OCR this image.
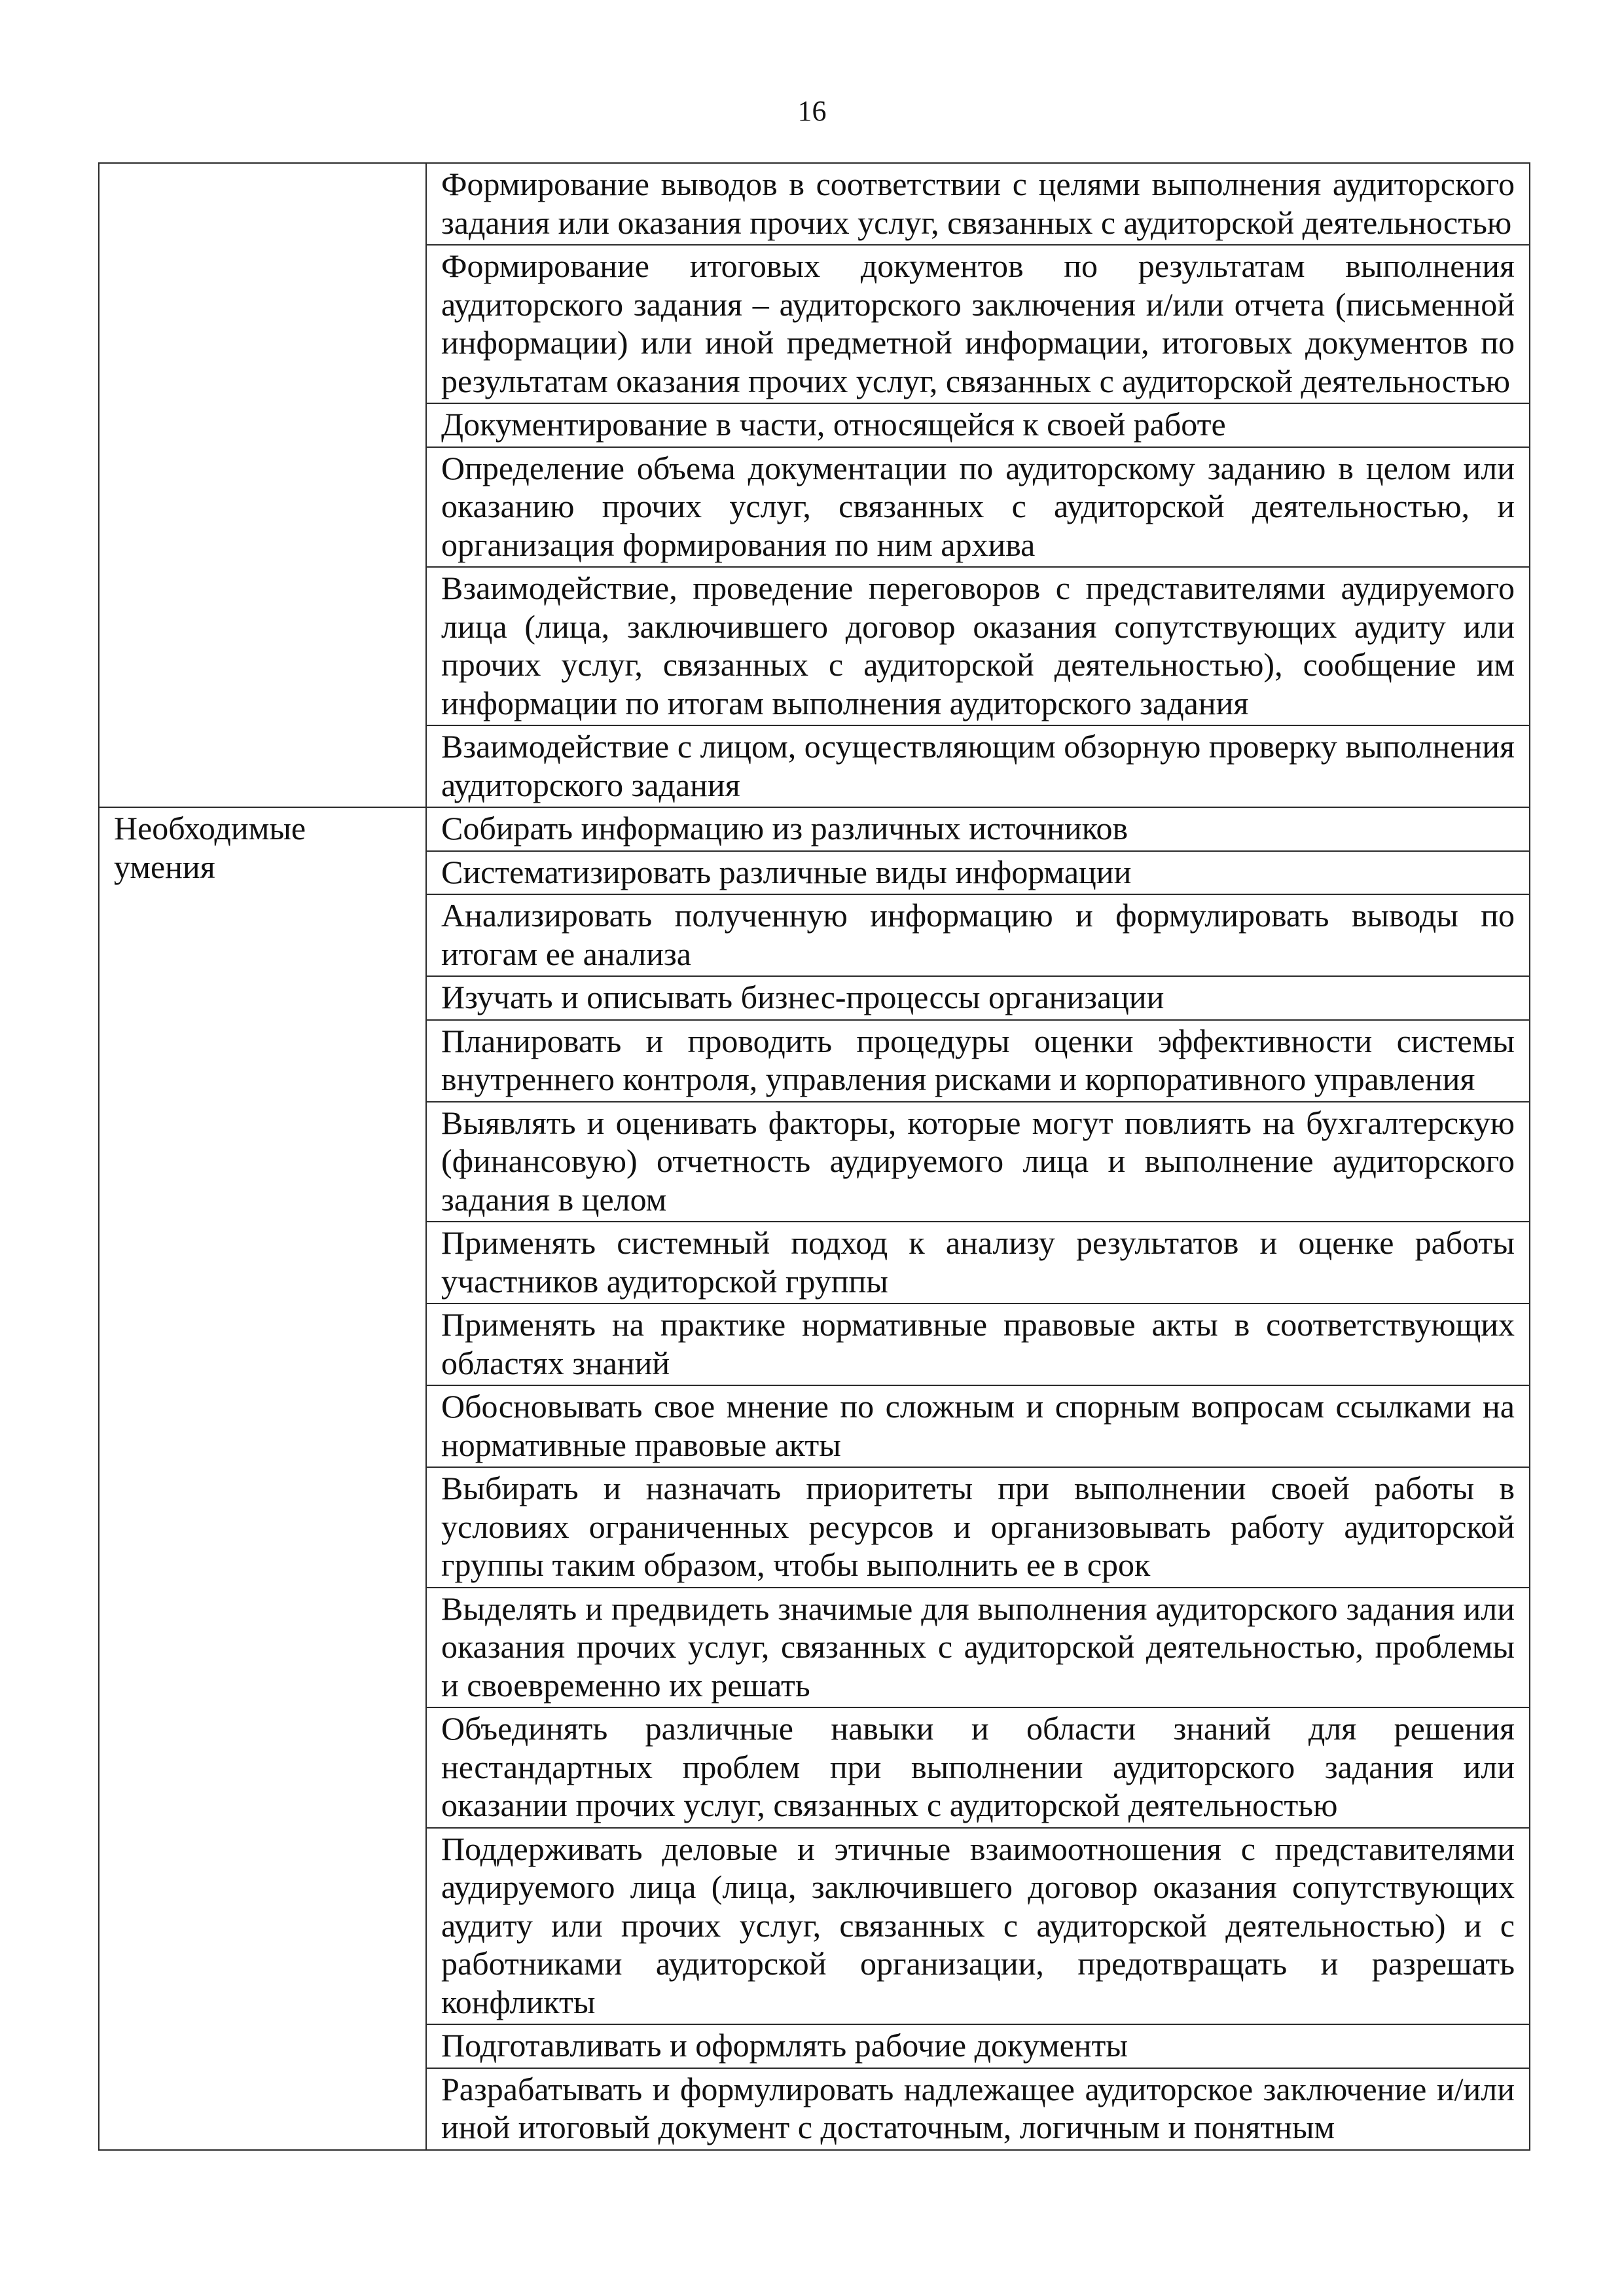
16
	Формирование выводов в соответствии с целями выполнения аудиторского задания или оказания прочих услуг, связанных с аудиторской деятельностью
	Формирование итоговых документов по результатам выполнения аудиторского задания – аудиторского заключения и/или отчета (письменной информации) или иной предметной информации, итоговых документов по результатам оказания прочих услуг, связанных с аудиторской деятельностью
	Документирование в части, относящейся к своей работе
	Определение объема документации по аудиторскому заданию в целом или оказанию прочих услуг, связанных с аудиторской деятельностью, и организация формирования по ним архива
	Взаимодействие, проведение переговоров с представителями аудируемого лица (лица, заключившего договор оказания сопутствующих аудиту или прочих услуг, связанных с аудиторской деятельностью), сообщение им информации по итогам выполнения аудиторского задания
	Взаимодействие с лицом, осуществляющим обзорную проверку выполнения аудиторского задания
Необходимые умения	Собирать информацию из различных источников
	Систематизировать различные виды информации
	Анализировать полученную информацию и формулировать выводы по итогам ее анализа
	Изучать и описывать бизнес-процессы организации
	Планировать и проводить процедуры оценки эффективности системы внутреннего контроля, управления рисками и корпоративного управления
	Выявлять и оценивать факторы, которые могут повлиять на бухгалтерскую (финансовую) отчетность аудируемого лица и выполнение аудиторского задания в целом
	Применять системный подход к анализу результатов и оценке работы участников аудиторской группы
	Применять на практике нормативные правовые акты в соответствующих областях знаний
	Обосновывать свое мнение по сложным и спорным вопросам ссылками на нормативные правовые акты
	Выбирать и назначать приоритеты при выполнении своей работы в условиях ограниченных ресурсов и организовывать работу аудиторской группы таким образом, чтобы выполнить ее в срок
	Выделять и предвидеть значимые для выполнения аудиторского задания или оказания прочих услуг, связанных с аудиторской деятельностью, проблемы и своевременно их решать
	Объединять различные навыки и области знаний для решения нестандартных проблем при выполнении аудиторского задания или оказании прочих услуг, связанных с аудиторской деятельностью
	Поддерживать деловые и этичные взаимоотношения с представителями аудируемого лица (лица, заключившего договор оказания сопутствующих аудиту или прочих услуг, связанных с аудиторской деятельностью) и с работниками аудиторской организации, предотвращать и разрешать конфликты
	Подготавливать и оформлять рабочие документы
	Разрабатывать и формулировать надлежащее аудиторское заключение и/или иной итоговый документ с достаточным, логичным и понятным
